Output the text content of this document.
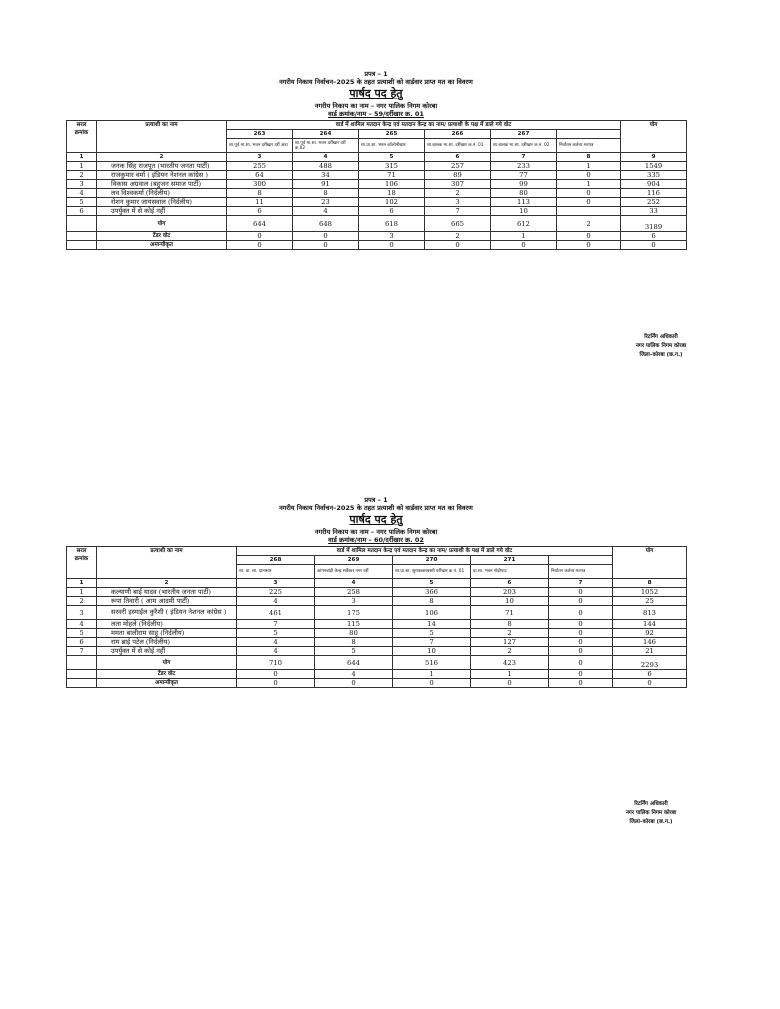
प्रपत्र – 1
नगरीय निकाय निर्वाचन–2025 के तहत प्रत्याशी को वार्डवार प्राप्त मत का विवरण
पार्षद पद हेतु
नगरीय निकाय का नाम – नगर पालिक निगम कोरबा
वार्ड क्रमांक/नाम – 59/दर्रीखार क्र. 01
सरल क्रमांक	प्रत्याशी का नाम	वार्ड में शामिल मतदान केन्द्र एवं मतदान केन्द्र का नाम/ प्रत्याशी के पक्ष में डाले गये वोट						योग
		263	264	265	266	267		
		शा.पूर्व मा.शा. भवन दर्रीखार दर्री अंडा	शा.पूर्व मा.शा. भवन दर्रीखार दर्री क्र.02	शा.प्रा.शा. भवन कॉलोनीखार	शा.बालक मा.शा. दर्रीखार क.नं. 01	शा.बालक मा.शा. दर्रीखार क.नं. 02	निर्वाचन कर्तव्य मतपत्र	
1	2	3	4	5	6	7	8	9
1	जनक सिंह राजपूत (भारतीय जनता पार्टी)	255	488	315	257	233	1	1549
2	राजकुमार वर्मा ( इंडियन नेशनल कांग्रेस )	64	34	71	89	77	0	335
3	विकास अग्रवाल (बहुजन समाज पार्टी)	300	91	106	307	99	1	904
4	लव विश्वकर्मा (निर्दलीय)	8	8	18	2	80	0	116
5	रोशन कुमार जायसवाल (निर्दलीय)	11	23	102	3	113	0	252
6	उपर्युक्त में से कोई नहीं	6	4	6	7	10		33
	योग	644	648	618	665	612	2	3189
	टेंडर वोट	0	0	3	2	1	0	6
	अमान्यीकृत	0	0	0	0	0	0	0
रिटर्निंग अधिकारी
नगर पालिक निगम कोरबा
जिला–कोरबा (छ.ग.)
प्रपत्र – 1
नगरीय निकाय निर्वाचन–2025 के तहत प्रत्याशी को वार्डवार प्राप्त मत का विवरण
पार्षद पद हेतु
नगरीय निकाय का नाम – नगर पालिक निगम कोरबा
वार्ड क्रमांक/नाम – 60/दर्रीखार क्र. 02
सरल क्रमांक	प्रत्याशी का नाम	वार्ड में शामिल मतदान केन्द्र एवं मतदान केन्द्र का नाम/ प्रत्याशी के पक्ष में डाले गये वोट					योग
		268	269	270	271		
		शा. प्रा. शा. दानासार	आंगनबाड़ी केन्द्र सर्वेश्वर नगर दर्री	शा.प्रा.शा. सुराकछारबस्ती दर्रीखार क्र.नं. 01	प्रा.शा. भवन गोढ़ीपाट	निर्वाचन कर्तव्य मतपत्र	
1	2	3	4	5	6	7	8
1	कल्याणी बाई यादव (भारतीय जनता पार्टी)	225	258	366	203	0	1052
2	रूपा तिवारी ( आम आदमी पार्टी)	4	3	8	10	0	25
3	सरवरी इस्माईल कुरैशी ( इंडियन नेशनल कांग्रेस )	461	175	106	71	0	813
4	लता मोहले (निर्दलीय)	7	115	14	8	0	144
5	ममता बालीराम साहू (निर्दलीय)	5	80	5	2	0	92
6	राम ब्राई पटेल (निर्दलीय)	4	8	7	127	0	146
7	उपर्युक्त में से कोई नहीं	4	5	10	2	0	21
	योग	710	644	516	423	0	2293
	टेंडर वोट	0	4	1	1	0	6
	अमान्यीकृत	0	0	0	0	0	0
रिटर्निंग अधिकारी
नगर पालिक निगम कोरबा
जिला–कोरबा (छ.ग.)
